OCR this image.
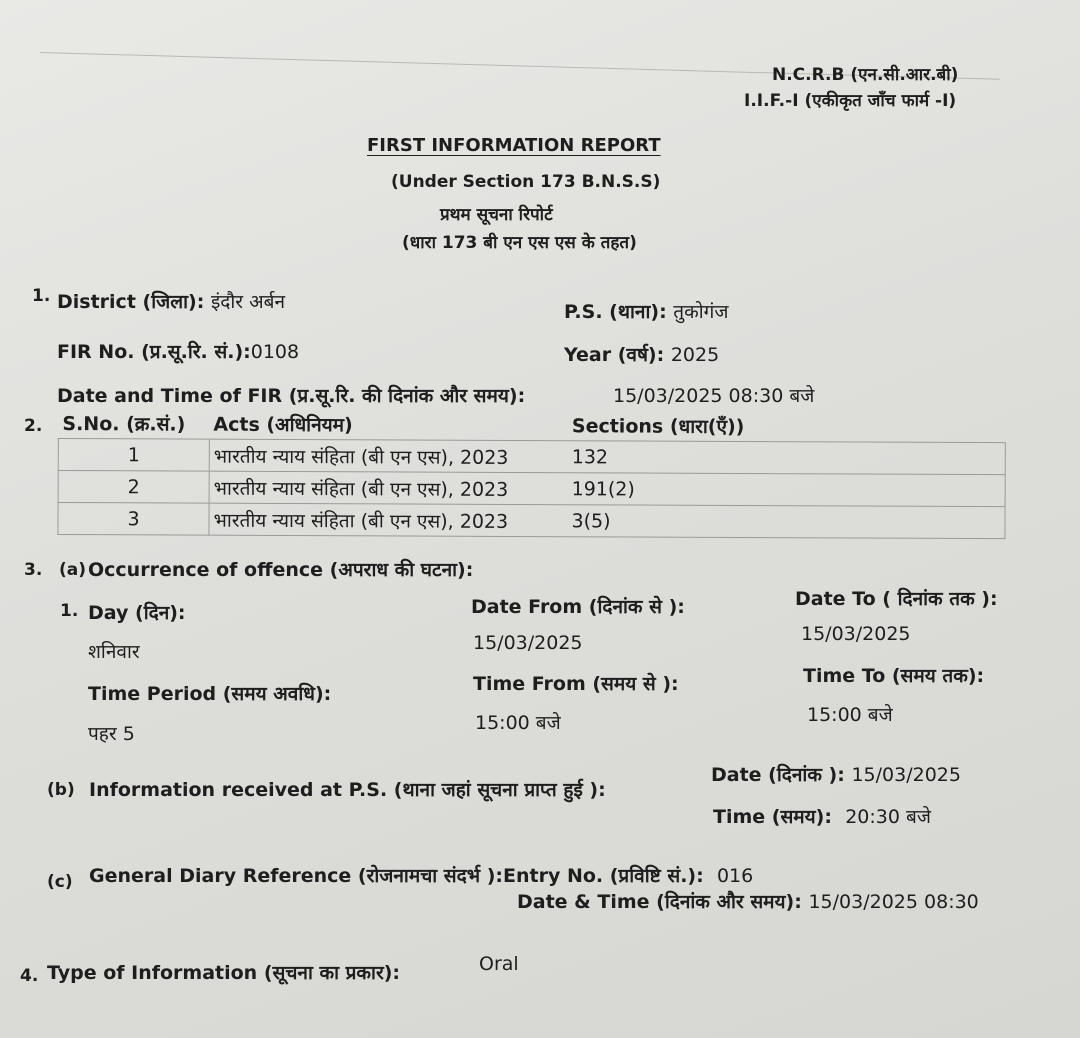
N.C.R.B (एन.सी.आर.बी)
I.I.F.-I (एकीकृत जाँच फार्म -I)
FIRST INFORMATION REPORT
(Under Section 173 B.N.S.S)
प्रथम सूचना रिपोर्ट
(धारा 173 बी एन एस एस के तहत)
1. District (जिला): इंदौर अर्बन	P.S. (थाना): तुकोगंज
FIR No. (प्र.सू.रि. सं.):0108	Year (वर्ष): 2025
Date and Time of FIR (प्र.सू.रि. की दिनांक और समय):	15/03/2025 08:30 बजे
2. S.No. (क्र.सं.)	Acts (अधिनियम)	Sections (धारा(एँ))
1	भारतीय न्याय संहिता (बी एन एस), 2023	132
2	भारतीय न्याय संहिता (बी एन एस), 2023	191(2)
3	भारतीय न्याय संहिता (बी एन एस), 2023	3(5)
3. (a) Occurrence of offence (अपराध की घटना):
1. Day (दिन):
शनिवार
Date From (दिनांक से ):
15/03/2025
Date To ( दिनांक तक ):
15/03/2025
Time Period (समय अवधि):
पहर 5
Time From (समय से ):
15:00 बजे
Time To (समय तक):
15:00 बजे
(b) Information received at P.S. (थाना जहां सूचना प्राप्त हुई ):
Date (दिनांक ): 15/03/2025
Time (समय): 20:30 बजे
(c) General Diary Reference (रोजनामचा संदर्भ ):Entry No. (प्रविष्टि सं.): 016
Date & Time (दिनांक और समय): 15/03/2025 08:30
4. Type of Information (सूचना का प्रकार):	Oral
